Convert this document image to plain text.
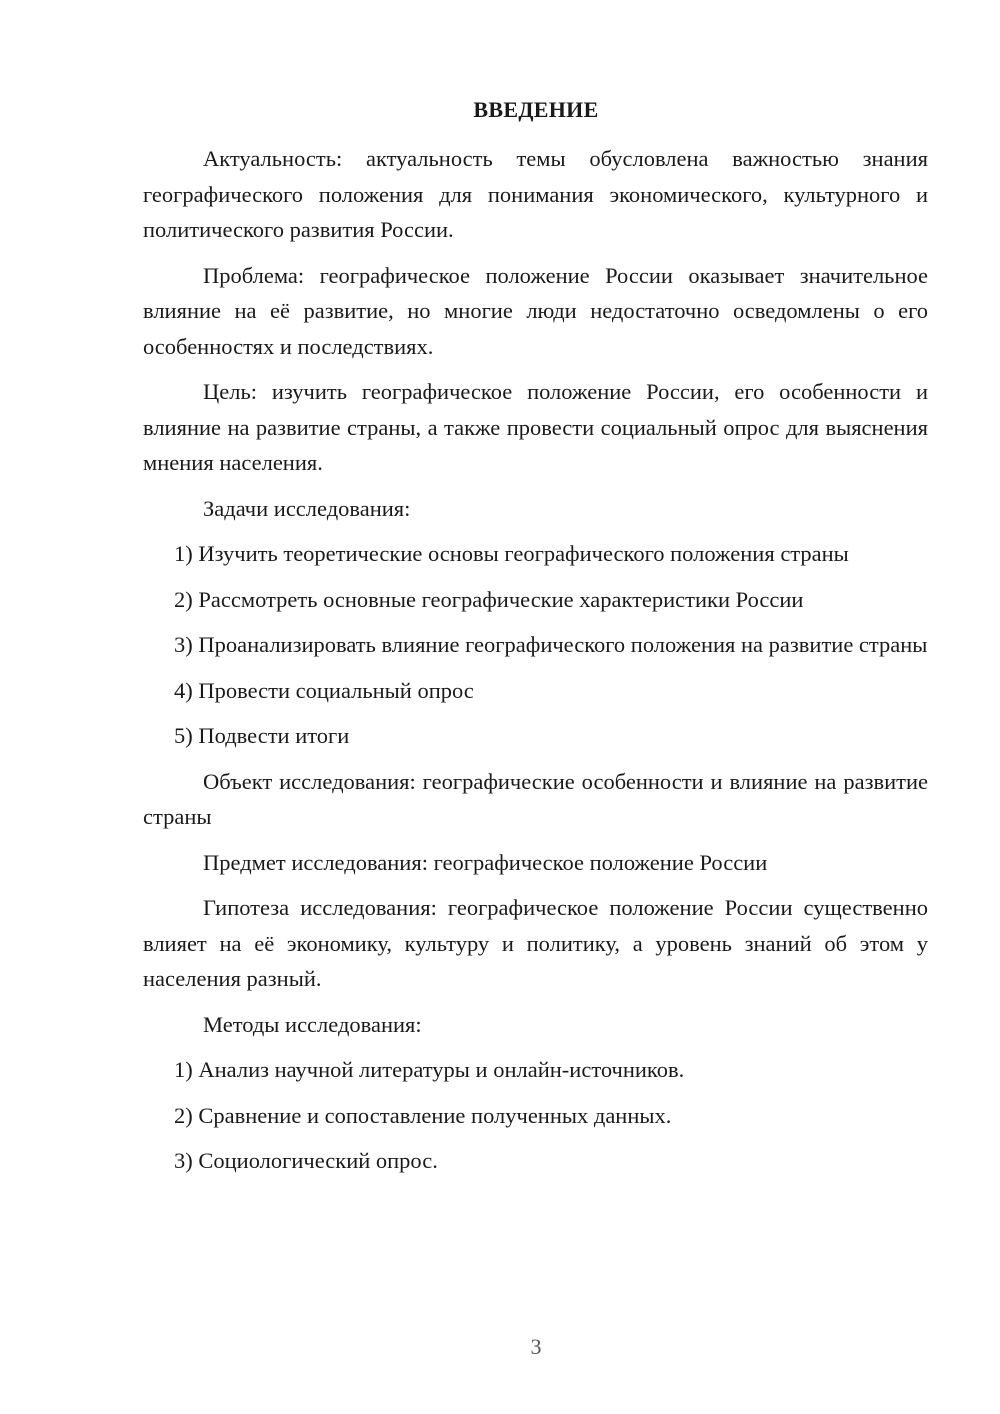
ВВЕДЕНИЕ

Актуальность: актуальность темы обусловлена важностью знания географического положения для понимания экономического, культурного и политического развития России.

Проблема: географическое положение России оказывает значительное влияние на её развитие, но многие люди недостаточно осведомлены о его особенностях и последствиях.

Цель: изучить географическое положение России, его особенности и влияние на развитие страны, а также провести социальный опрос для выяснения мнения населения.

Задачи исследования:

1) Изучить теоретические основы географического положения страны

2) Рассмотреть основные географические характеристики России

3) Проанализировать влияние географического положения на развитие страны

4) Провести социальный опрос

5) Подвести итоги

Объект исследования: географические особенности и влияние на развитие страны

Предмет исследования: географическое положение России

Гипотеза исследования: географическое положение России существенно влияет на её экономику, культуру и политику, а уровень знаний об этом у населения разный.

Методы исследования:

1) Анализ научной литературы и онлайн-источников.

2) Сравнение и сопоставление полученных данных.

3) Социологический опрос.

3
